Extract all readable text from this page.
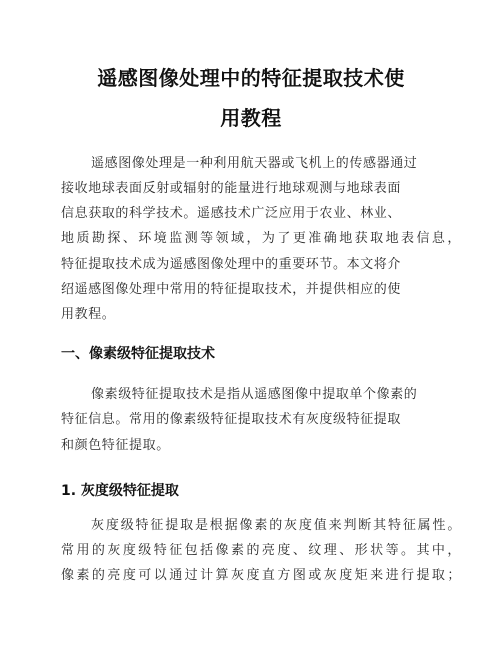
遥感图像处理中的特征提取技术使
用教程
遥感图像处理是一种利用航天器或飞机上的传感器通过
接收地球表面反射或辐射的能量进行地球观测与地球表面
信息获取的科学技术。遥感技术广泛应用于农业、林业、
地质勘探、环境监测等领域，为了更准确地获取地表信息，
特征提取技术成为遥感图像处理中的重要环节。本文将介
绍遥感图像处理中常用的特征提取技术，并提供相应的使
用教程。
一、像素级特征提取技术
像素级特征提取技术是指从遥感图像中提取单个像素的
特征信息。常用的像素级特征提取技术有灰度级特征提取
和颜色特征提取。
1. 灰度级特征提取
灰度级特征提取是根据像素的灰度值来判断其特征属性。
常用的灰度级特征包括像素的亮度、纹理、形状等。其中，
像素的亮度可以通过计算灰度直方图或灰度矩来进行提取；
